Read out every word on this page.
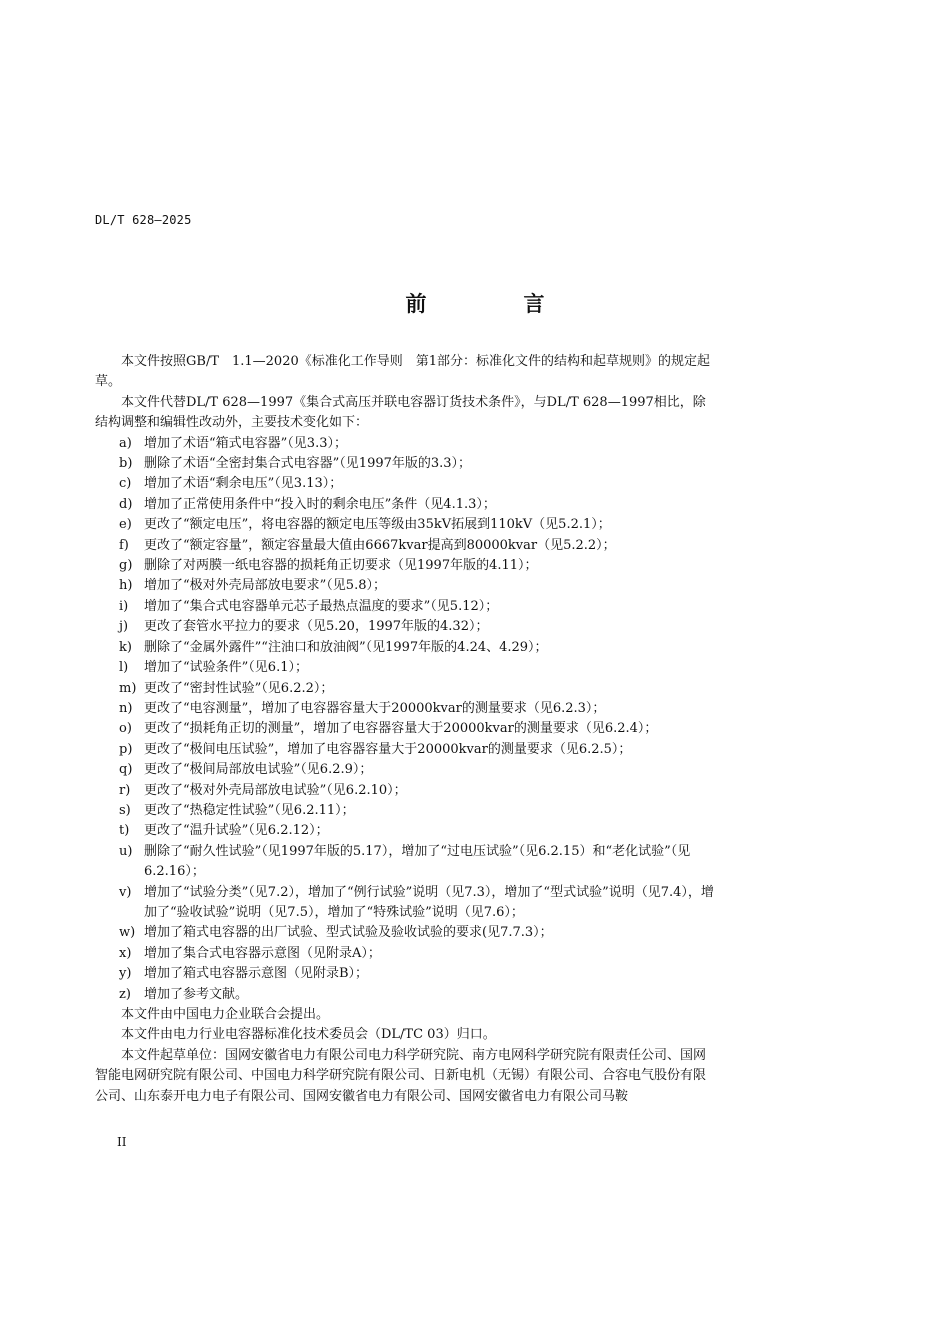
DL/T 628—2025
前　言

本文件按照GB/T　1.1—2020《标准化工作导则　第1部分：标准化文件的结构和起草规则》的规定起草。

本文件代替DL/T 628—1997《集合式高压并联电容器订货技术条件》，与DL/T 628—1997相比，除结构调整和编辑性改动外，主要技术变化如下：

a) 增加了术语“箱式电容器”（见3.3）；
b) 删除了术语“全密封集合式电容器”（见1997年版的3.3）；
c) 增加了术语“剩余电压”（见3.13）；
d) 增加了正常使用条件中“投入时的剩余电压”条件（见4.1.3）；
e) 更改了“额定电压”，将电容器的额定电压等级由35kV拓展到110kV（见5.2.1）；
f) 更改了“额定容量”，额定容量最大值由6667kvar提高到80000kvar（见5.2.2）；
g) 删除了对两膜一纸电容器的损耗角正切要求（见1997年版的4.11）；
h) 增加了“极对外壳局部放电要求”（见5.8）；
i) 增加了“集合式电容器单元芯子最热点温度的要求”（见5.12）；
j) 更改了套管水平拉力的要求（见5.20，1997年版的4.32）；
k) 删除了“金属外露件”“注油口和放油阀”（见1997年版的4.24、4.29）；
l) 增加了“试验条件”（见6.1）；
m) 更改了“密封性试验”（见6.2.2）；
n) 更改了“电容测量”，增加了电容器容量大于20000kvar的测量要求（见6.2.3）；
o) 更改了“损耗角正切的测量”，增加了电容器容量大于20000kvar的测量要求（见6.2.4）；
p) 更改了“极间电压试验”，增加了电容器容量大于20000kvar的测量要求（见6.2.5）；
q) 更改了“极间局部放电试验”（见6.2.9）；
r) 更改了“极对外壳局部放电试验”（见6.2.10）；
s) 更改了“热稳定性试验”（见6.2.11）；
t) 更改了“温升试验”（见6.2.12）；
u) 删除了“耐久性试验”（见1997年版的5.17），增加了“过电压试验”（见6.2.15）和“老化试验”（见6.2.16）；
v) 增加了“试验分类”（见7.2），增加了“例行试验”说明（见7.3），增加了“型式试验”说明（见7.4），增加了“验收试验”说明（见7.5），增加了“特殊试验”说明（见7.6）；
w) 增加了箱式电容器的出厂试验、型式试验及验收试验的要求(见7.7.3）；
x) 增加了集合式电容器示意图（见附录A）；
y) 增加了箱式电容器示意图（见附录B）；
z) 增加了参考文献。

本文件由中国电力企业联合会提出。

本文件由电力行业电容器标准化技术委员会（DL/TC 03）归口。

本文件起草单位：国网安徽省电力有限公司电力科学研究院、南方电网科学研究院有限责任公司、国网智能电网研究院有限公司、中国电力科学研究院有限公司、日新电机（无锡）有限公司、合容电气股份有限公司、山东泰开电力电子有限公司、国网安徽省电力有限公司、国网安徽省电力有限公司马鞍

II
